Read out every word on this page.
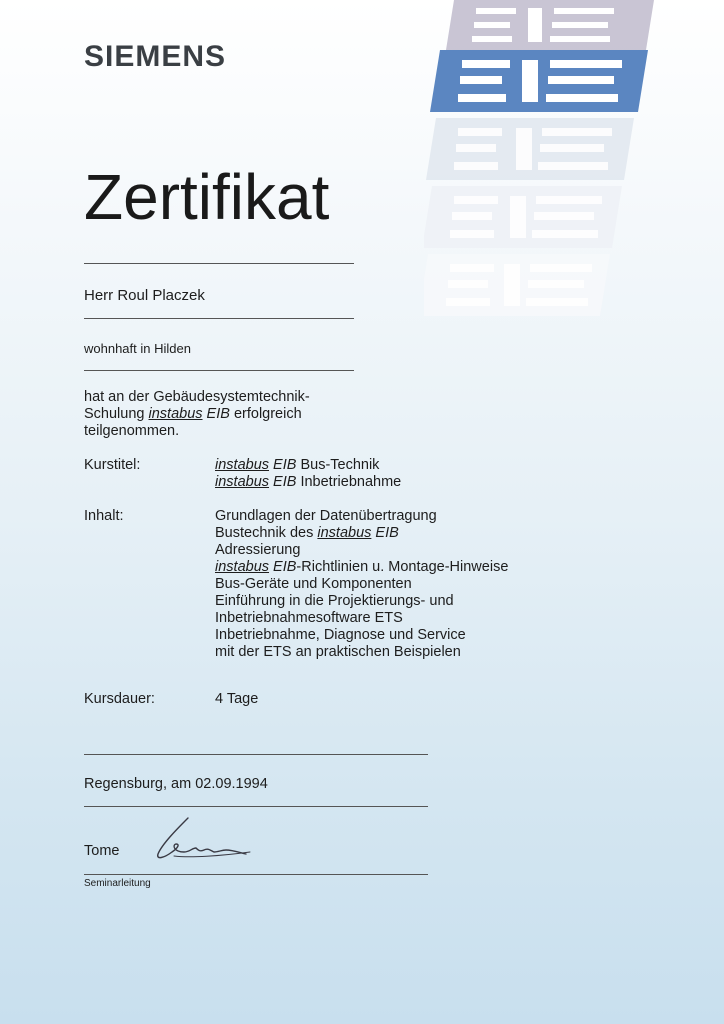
SIEMENS
Zertifikat
Herr Roul Placzek
wohnhaft in Hilden
hat an der Gebäudesystemtechnik-
Schulung instabus EIB erfolgreich
teilgenommen.
Kurstitel:	instabus EIB Bus-Technik
instabus EIB Inbetriebnahme
Inhalt:	Grundlagen der Datenübertragung
Bustechnik des instabus EIB
Adressierung
instabus EIB-Richtlinien u. Montage-Hinweise
Bus-Geräte und Komponenten
Einführung in die Projektierungs- und
Inbetriebnahmesoftware ETS
Inbetriebnahme, Diagnose und Service
mit der ETS an praktischen Beispielen
Kursdauer:	4 Tage
Regensburg, am 02.09.1994
Tome
Seminarleitung
